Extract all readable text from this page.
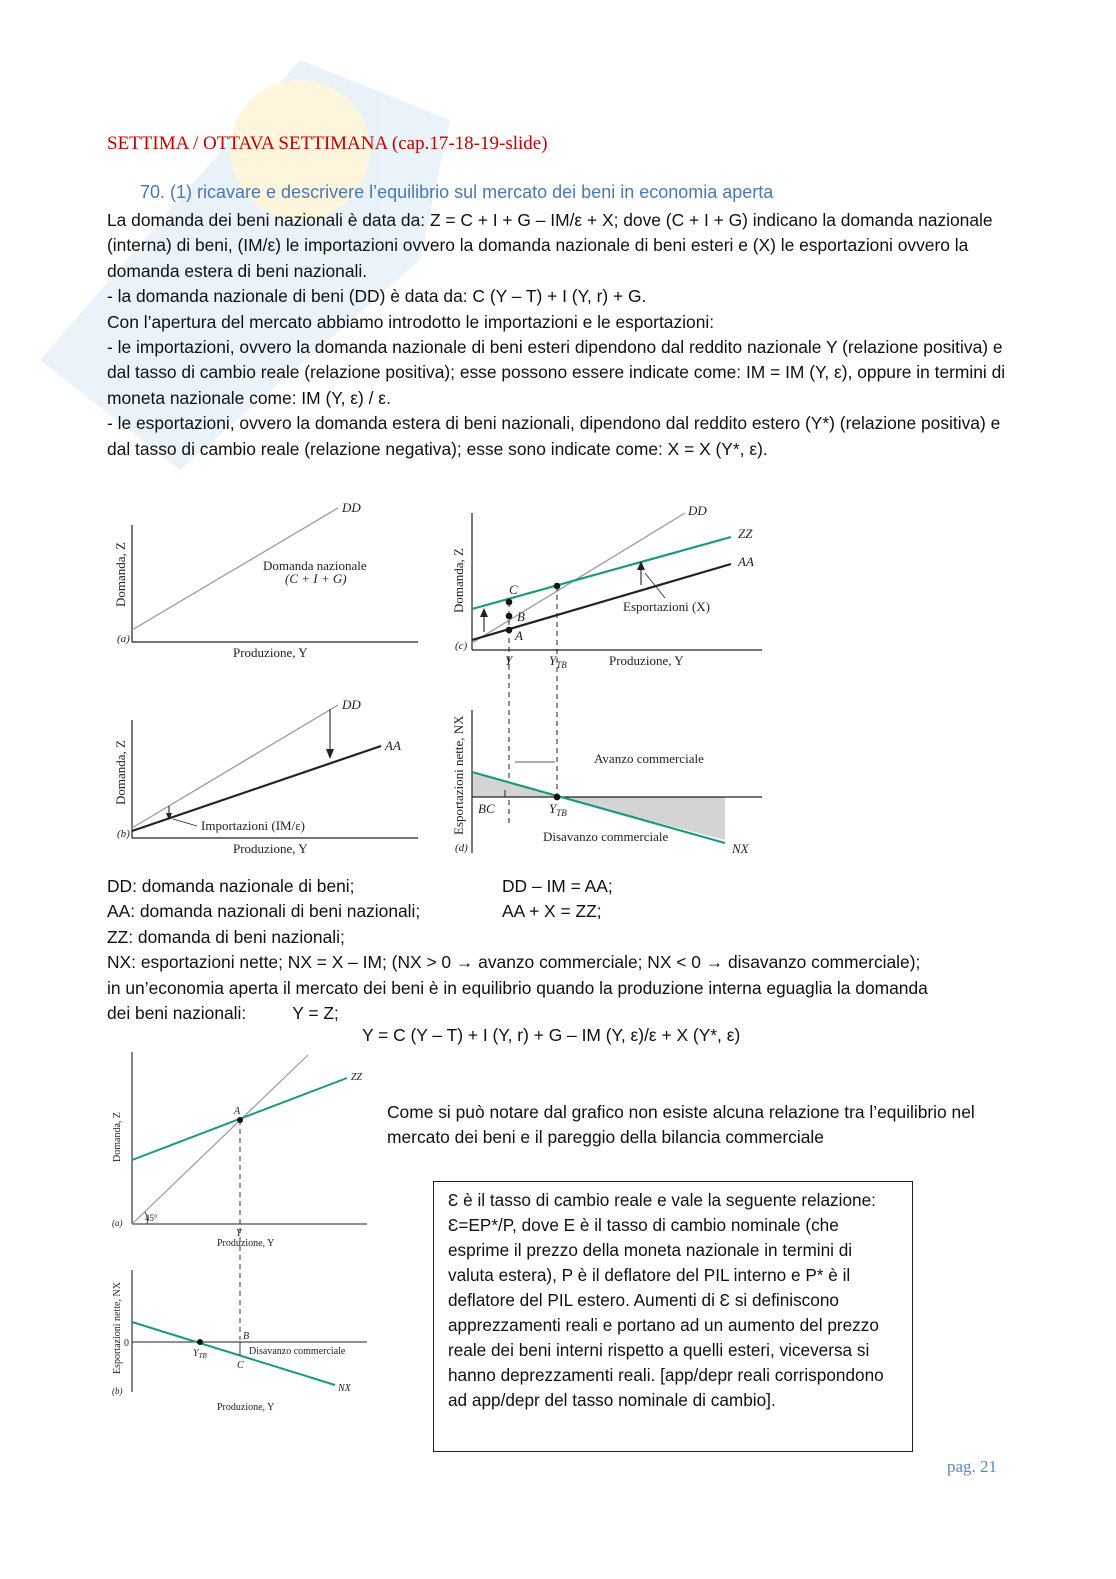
SETTIMA / OTTAVA SETTIMANA (cap.17-18-19-slide)
70. (1) ricavare e descrivere l’equilibrio sul mercato dei beni in economia aperta

La domanda dei beni nazionali è data da: Z = C + I + G – IM/ε + X; dove (C + I + G) indicano la domanda nazionale (interna) di beni, (IM/ε) le importazioni ovvero la domanda nazionale di beni esteri e (X) le esportazioni ovvero la domanda estera di beni nazionali.

- la domanda nazionale di beni (DD) è data da: C (Y – T) + I (Y, r) + G.

Con l’apertura del mercato abbiamo introdotto le importazioni e le esportazioni:

- le importazioni, ovvero la domanda nazionale di beni esteri dipendono dal reddito nazionale Y (relazione positiva) e dal tasso di cambio reale (relazione positiva); esse possono essere indicate come: IM = IM (Y, ε), oppure in termini di moneta nazionale come: IM (Y, ε) / ε.

- le esportazioni, ovvero la domanda estera di beni nazionali, dipendono dal reddito estero (Y*) (relazione positiva) e dal tasso di cambio reale (relazione negativa); esse sono indicate come: X = X (Y*, ε).

DD
Domanda nazionale
(C + I + G)
Produzione, Y
(a)
Domanda, Z
DD
AA
Importazioni (IM/ε)
Produzione, Y
(b)
Domanda, Z
DD
ZZ
AA
Esportazioni (X)
C
B
A
Y	$Y_{TB}$	Produzione, Y
(c)
Domanda, Z
Avanzo commerciale
Disavanzo commerciale
BC	$Y_{TB}$
NX
(d)
Esportazioni nette, NX

DD: domanda nazionale di beni;	DD – IM = AA;

AA: domanda nazionali di beni nazionali;	AA + X = ZZ;

ZZ: domanda di beni nazionali;

NX: esportazioni nette; NX = X – IM; (NX > 0 → avanzo commerciale; NX < 0 → disavanzo commerciale);

in un’economia aperta il mercato dei beni è in equilibrio quando la produzione interna eguaglia la domanda

dei beni nazionali:	Y = Z;

Y = C (Y – T) + I (Y, r) + G – IM (Y, ε)/ε + X (Y*, ε)
45°
A
ZZ
Y
Produzione, Y
(a)
Domanda, Z
0
$Y_{TB}$
B
C
Disavanzo commerciale
NX
Produzione, Y
(b)
Esportazioni nette, NX
Come si può notare dal grafico non esiste alcuna relazione tra l’equilibrio nel mercato dei beni e il pareggio della bilancia commerciale
Ɛ è il tasso di cambio reale e vale la seguente relazione: Ɛ=EP*/P, dove E è il tasso di cambio nominale (che esprime il prezzo della moneta nazionale in termini di valuta estera), P è il deflatore del PIL interno e P* è il deflatore del PIL estero. Aumenti di Ɛ si definiscono apprezzamenti reali e portano ad un aumento del prezzo reale dei beni interni rispetto a quelli esteri, viceversa si hanno deprezzamenti reali. [app/depr reali corrispondono ad app/depr del tasso nominale di cambio].
pag. 21
